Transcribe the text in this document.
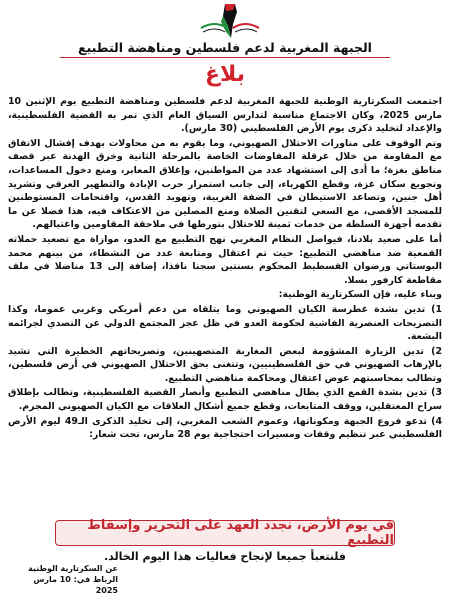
الجبهة المغربية لدعم فلسطين ومناهضة التطبيع
بلاغ

اجتمعت السكرتارية الوطنية للجبهة المغربية لدعم فلسطين ومناهضة التطبيع يوم الإثنين 10 مارس 2025، وكان الاجتماع مناسبة لتدارس السياق العام الذي تمر به القضية الفلسطينية، والإعداد لتخليد ذكرى يوم الأرض الفلسطيني (30 مارس).

وتم الوقوف على مناورات الاحتلال الصهيوني، وما يقوم به من محاولات بهدف إفشال الاتفاق مع المقاومة من خلال عرقلة المفاوضات الخاصة بالمرحلة الثانية وخرق الهدنة عبر قصف مناطق بغزة؛ ما أدى إلى استشهاد عدد من المواطنين، وإغلاق المعابر، ومنع دخول المساعدات، وتجويع سكان غزة، وقطع الكهرباء، إلى جانب استمرار حرب الإبادة والتطهير العرقي وتشريد أهل جنين، وتصاعد الاستيطان في الضفة الغربية، وتهويد القدس، واقتحامات المستوطنين للمسجد الأقصى، مع السعي لتقنين الصلاة ومنع المصلين من الاعتكاف فيه، هذا فضلا عن ما تقدمه أجهزة السلطة من خدمات ثمينة للاحتلال بتورطها في ملاحقة المقاومين واغتيالهم.

أما على صعيد بلادنا، فيواصل النظام المغربي نهج التطبيع مع العدو، موازاة مع تصعيد حملاته القمعية ضد مناهضي التطبيع: حيث تم اعتقال ومتابعة عدد من النشطاء، من بينهم محمد البوستاتي ورضوان القسطيط المحكوم بسنتين سجنا نافذا، إضافة إلى 13 مناضلا في ملف مقاطعة كارفور بسلا.

وبناء عليه، فإن السكرتارية الوطنية:

1) تدين بشدة غطرسة الكيان الصهيوني وما يتلقاه من دعم أمريكي وغربي عموما، وكذا التصريحات العنصرية الفاشية لحكومة العدو في ظل عجز المجتمع الدولي عن التصدي لجرائمه البشعة.

2) تدين الزيارة المشؤومة لبعض المغاربة المتصهينين، وتصريحاتهم الخطيرة التي تشيد بالإرهاب الصهيوني في حق الفلسطينيين، وتتغنى بحق الاحتلال الصهيوني في أرض فلسطين، وتطالب بمحاسبتهم عوض اعتقال ومحاكمة مناهضي التطبيع.

3) تدين بشدة القمع الذي يطال مناهضي التطبيع وأنصار القضية الفلسطينية، وتطالب بإطلاق سراح المعتقلين، ووقف المتابعات، وقطع جميع أشكال العلاقات مع الكيان الصهيوني المجرم.

4) تدعو فروع الجبهة ومكوناتها، وعموم الشعب المغربي، إلى تخليد الذكرى الـ49 ليوم الأرض الفلسطيني عبر تنظيم وقفات ومسيرات احتجاجية يوم 28 مارس، تحت شعار:

في يوم الأرض، نجدد العهد على التحرير وإسقاط التطبيع
فلنتعبأ جميعا لإنجاح فعاليات هذا اليوم الخالد.
عن السكرتارية الوطنية
الرباط في: 10 مارس 2025
